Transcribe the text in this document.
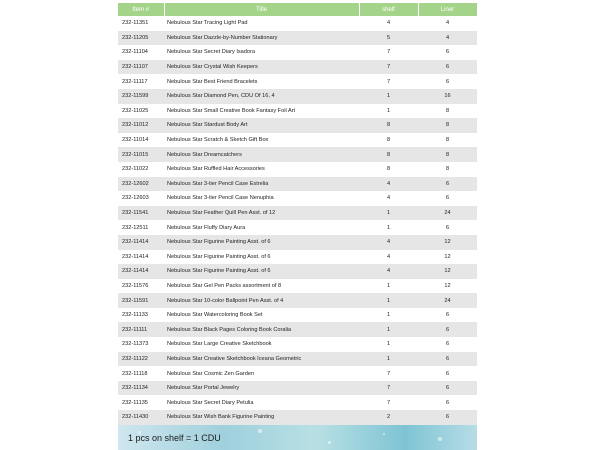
Item #	Title	shelf	Liner
232-11351	Nebulous Star Tracing Light Pad	4	4
232-11205	Nebulous Star Dazzle-by-Number Stationary	5	4
232-11104	Nebulous Star Secret Diary Isadora	7	6
232-11107	Nebulous Star Crystal Wish Keepers	7	6
232-11117	Nebulous Star Best Friend Bracelets	7	6
232-11599	Nebulous Star Diamond Pen, CDU Of 16, 4	1	16
232-11025	Nebulous Star Small Creative Book Fantasy Foil Art	1	8
232-11012	Nebulous Star Stardust Body Art	8	8
232-11014	Nebulous Star Scratch & Sketch Gift Box	8	8
232-11015	Nebulous Star Dreamcatchers	8	8
232-11022	Nebulous Star Ruffled Hair Accessories	8	8
232-12602	Nebulous Star 3-tier Pencil Case Estrelia	4	6
232-12603	Nebulous Star 3-tier Pencil Case Nenuphia	4	6
232-11541	Nebulous Star Feather Quill Pen Asst. of 12	1	24
232-12511	Nebulous Star Fluffy Diary Aura	1	6
232-11414	Nebulous Star Figurine Painting Asst. of 6	4	12
232-11414	Nebulous Star Figurine Painting Asst. of 6	4	12
232-11414	Nebulous Star Figurine Painting Asst. of 6	4	12
232-11576	Nebulous Star Gel Pen Packs assortment of 8	1	12
232-11591	Nebulous Star 10-color Ballpoint Pen Asst. of 4	1	24
232-11133	Nebulous Star Watercoloring Book Set	1	6
232-11111	Nebulous Star Black Pages Coloring Book Coralia	1	6
232-11373	Nebulous Star Large Creative Sketchbook	1	6
232-11122	Nebulous Star Creative Sketchbook Iceana Geometric	1	6
232-11118	Nebulous Star Cosmic Zen Garden	7	6
232-11134	Nebulous Star Portal Jewelry	7	6
232-11135	Nebulous Star Secret Diary Petulia	7	6
232-11430	Nebulous Star Wish Bank Figurine Painting	2	6
1 pcs on shelf = 1 CDU
